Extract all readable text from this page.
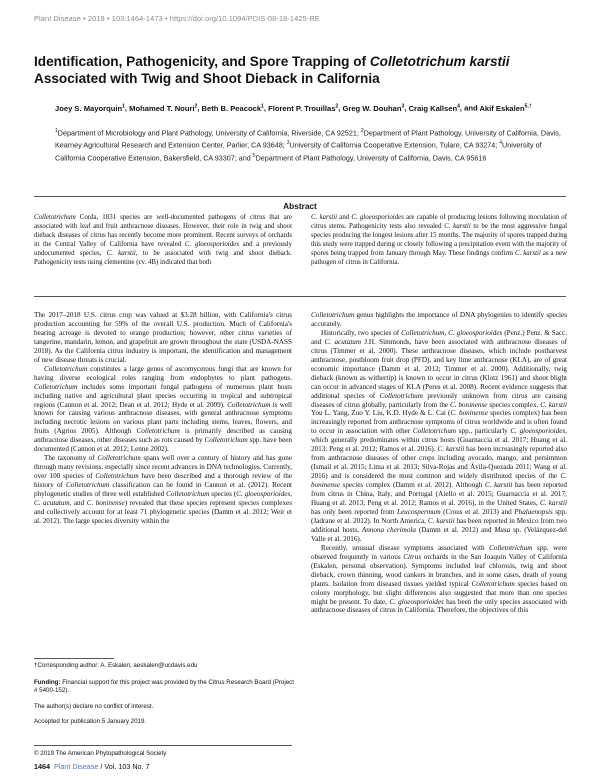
Plant Disease • 2019 • 103:1464-1473 • https://doi.org/10.1094/PDIS-08-18-1425-RE
Identification, Pathogenicity, and Spore Trapping of Colletotrichum karstii
Associated with Twig and Shoot Dieback in California
Joey S. Mayorquin$^1$, Mohamed T. Nouri$^2$, Beth B. Peacock$^1$, Florent P. Trouillas$^2$, Greg W. Douhan$^3$, Craig Kallsen$^4$, and Akif Eskalen$^{5,\dagger}$
$^1$Department of Microbiology and Plant Pathology, University of California, Riverside, CA 92521; $^2$Department of Plant Pathology, University of California, Davis, Kearney Agricultural Research and Extension Center, Parlier, CA 93648; $^3$University of California Cooperative Extension, Tulare, CA 93274; $^4$University of California Cooperative Extension, Bakersfield, CA 93307; and $^5$Department of Plant Pathology, University of California, Davis, CA 95616
Abstract
Colletotrichum Corda, 1831 species are well-documented pathogens of citrus that are associated with leaf and fruit anthracnose diseases. However, their role in twig and shoot dieback diseases of citrus has recently become more prominent. Recent surveys of orchards in the Central Valley of California have revealed C. gloeosporioides and a previously undocumented species, C. karstii, to be associated with twig and shoot dieback. Pathogenicity tests using clementine (cv. 4B) indicated that both
C. karstii and C. gloeosporioides are capable of producing lesions following inoculation of citrus stems. Pathogenicity tests also revealed C. karstii to be the most aggressive fungal species producing the longest lesions after 15 months. The majority of spores trapped during this study were trapped during or closely following a precipitation event with the majority of spores being trapped from January through May. These findings confirm C. karstii as a new pathogen of citrus in California.

The 2017–2018 U.S. citrus crop was valued at $3.28 billion, with California's citrus production accounting for 59% of the overall U.S. production. Much of California's bearing acreage is devoted to orange production; however, other citrus varieties of tangerine, mandarin, lemon, and grapefruit are grown throughout the state (USDA-NASS 2018). As the California citrus industry is important, the identification and management of new disease threats is crucial.

Colletotrichum constitutes a large genus of ascomycetous fungi that are known for having diverse ecological roles ranging from endophytes to plant pathogens. Colletotrichum includes some important fungal pathogens of numerous plant hosts including native and agricultural plant species occurring in tropical and subtropical regions (Cannon et al. 2012; Dean et al. 2012; Hyde et al. 2009). Colletotrichum is well known for causing various anthracnose diseases, with general anthracnose symptoms including necrotic lesions on various plant parts including stems, leaves, flowers, and fruits (Agrios 2005). Although Colletotrichum is primarily described as causing anthracnose diseases, other diseases such as rots caused by Colletotrichum spp. have been documented (Cannon et al. 2012; Lenne 2002).

The taxonomy of Colletotrichum spans well over a century of history and has gone through many revisions, especially since recent advances in DNA technologies. Currently, over 100 species of Colletotrichum have been described and a thorough review of the history of Colletotrichum classification can be found in Cannon et al. (2012). Recent phylogenetic studies of three well established Colletotrichum species (C. gloeosporioides, C. acutatum, and C. boninense) revealed that these species represent species complexes and collectively account for at least 71 phylogenetic species (Damm et al. 2012; Weir et al. 2012). The large species diversity within the

Colletotrichum genus highlights the importance of DNA phylogenies to identify species accurately.

Historically, two species of Colletotrichum, C. gloeosporioides (Penz.) Penz. & Sacc. and C. acutatum J.H. Simmonds, have been associated with anthracnose diseases of citrus (Timmer et al. 2000). These anthracnose diseases, which include postharvest anthracnose, postbloom fruit drop (PFD), and key lime anthracnose (KLA), are of great economic importance (Damm et al. 2012; Timmer et al. 2000). Additionally, twig dieback (known as withertip) is known to occur in citrus (Klotz 1961) and shoot blight can occur in advanced stages of KLA (Peres et al. 2008). Recent evidence suggests that additional species of Colletotrichum previously unknown from citrus are causing diseases of citrus globally, particularly from the C. boninense species complex. C. karstii You L. Yang, Zuo Y. Liu, K.D. Hyde & L. Cai (C. boninense species complex) has been increasingly reported from anthracnose symptoms of citrus worldwide and is often found to occur in association with other Colletotrichum spp., particularly C. gloeosporioides, which generally predominates within citrus hosts (Guarnaccia et al. 2017; Huang et al. 2013; Peng et al. 2012; Ramos et al. 2016). C. karstii has been increasingly reported also from anthracnose diseases of other crops including avocado, mango, and persimmon (Ismail et al. 2015; Lima et al. 2013; Silva-Rojas and Ávila-Quezada 2011; Wang et al. 2016) and is considered the most common and widely distributed species of the C. boninense species complex (Damm et al. 2012). Although C. karstii has been reported from citrus in China, Italy, and Portugal (Aiello et al. 2015; Guarnaccia et al. 2017; Huang et al. 2013; Peng et al. 2012; Ramos et al. 2016), in the United States, C. karstii has only been reported from Leucospermum (Crous et al. 2013) and Phalaenopsis spp. (Jadrane et al. 2012). In North America, C. karstii has been reported in Mexico from two additional hosts, Annona cherimola (Damm et al. 2012) and Musa sp. (Velázquez-del Valle et al. 2016).

Recently, unusual disease symptoms associated with Colletotrichum spp. were observed frequently in various Citrus orchards in the San Joaquin Valley of California (Eskalen, personal observation). Symptoms included leaf chlorosis, twig and shoot dieback, crown thinning, wood cankers in branches, and in some cases, death of young plants. Isolation from diseased tissues yielded typical Colletotrichum species based on colony morphology, but slight differences also suggested that more than one species might be present. To date, C. gloeosporioides has been the only species associated with anthracnose diseases of citrus in California. Therefore, the objectives of this

†Corresponding author: A. Eskalen; aeskalen@ucdavis.edu
Funding: Financial support for this project was provided by the Citrus Research Board (Project # 5400-152).
The author(s) declare no conflict of interest.
Accepted for publication 5 January 2019.
© 2019 The American Phytopathological Society
1464 Plant Disease / Vol. 103 No. 7
